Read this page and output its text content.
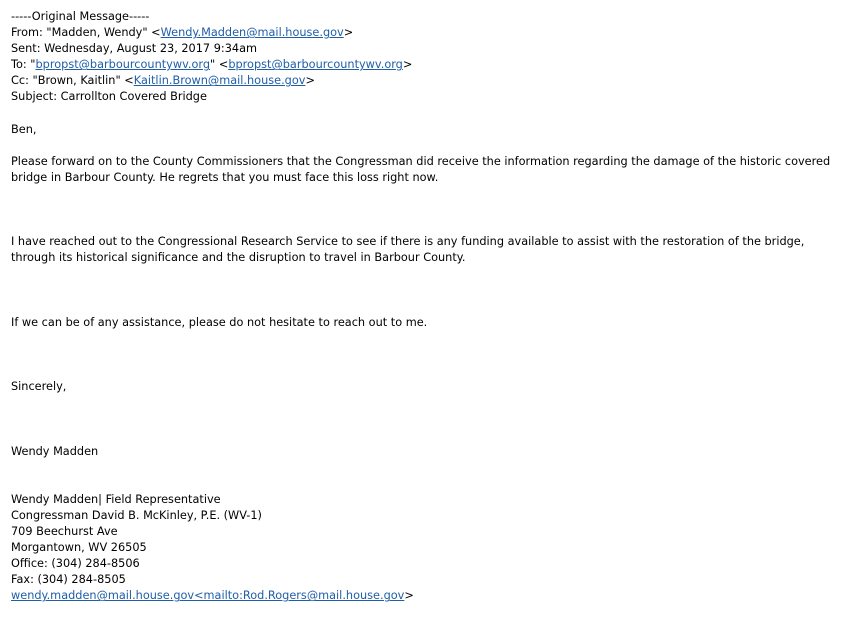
-----Original Message-----
From: "Madden, Wendy" <Wendy.Madden@mail.house.gov>
Sent: Wednesday, August 23, 2017 9:34am
To: "bpropst@barbourcountywv.org" <bpropst@barbourcountywv.org>
Cc: "Brown, Kaitlin" <Kaitlin.Brown@mail.house.gov>
Subject: Carrollton Covered Bridge
Ben,
Please forward on to the County Commissioners that the Congressman did receive the information regarding the damage of the historic covered bridge in Barbour County. He regrets that you must face this loss right now.
I have reached out to the Congressional Research Service to see if there is any funding available to assist with the restoration of the bridge, through its historical significance and the disruption to travel in Barbour County.
If we can be of any assistance, please do not hesitate to reach out to me.
Sincerely,
Wendy Madden
Wendy Madden| Field Representative
Congressman David B. McKinley, P.E. (WV-1)
709 Beechurst Ave
Morgantown, WV 26505
Office: (304) 284-8506
Fax: (304) 284-8505
wendy.madden@mail.house.gov<mailto:Rod.Rogers@mail.house.gov>
